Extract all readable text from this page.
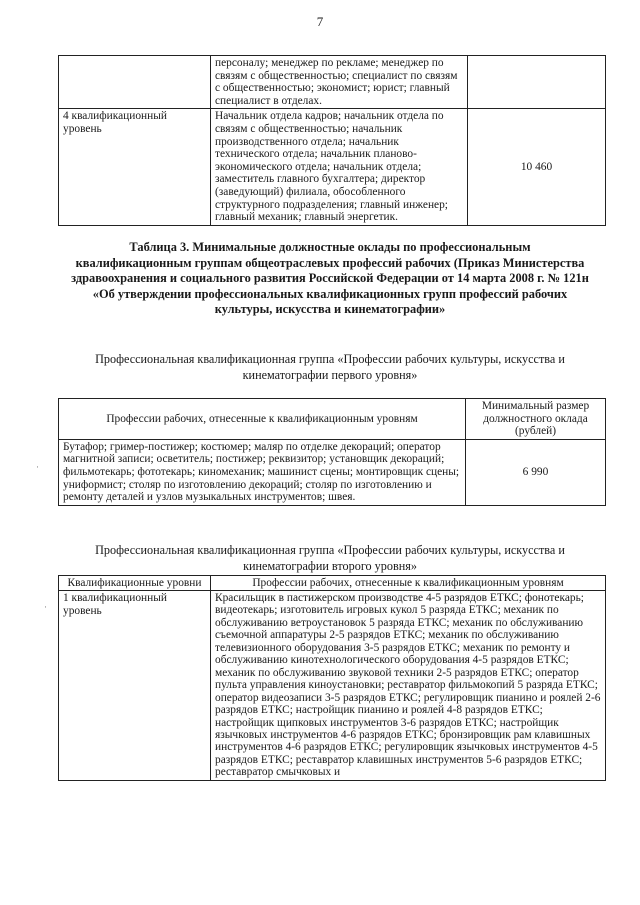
7
	персоналу; менеджер по рекламе; менеджер по связям с общественностью; специалист по связям с общественностью; экономист; юрист; главный специалист в отделах.	
4 квалификационный уровень	Начальник отдела кадров; начальник отдела по связям с общественностью; начальник производственного отдела; начальник технического отдела; начальник планово-экономического отдела; начальник отдела; заместитель главного бухгалтера; директор (заведующий) филиала, обособленного структурного подразделения; главный инженер; главный механик; главный энергетик.	10 460
Таблица 3. Минимальные должностные оклады по профессиональным квалификационным группам общеотраслевых профессий рабочих (Приказ Министерства здравоохранения и социального развития Российской Федерации от 14 марта 2008 г. № 121н «Об утверждении профессиональных квалификационных групп профессий рабочих культуры, искусства и кинематографии»
Профессиональная квалификационная группа «Профессии рабочих культуры, искусства и кинематографии первого уровня»
Профессии рабочих, отнесенные к квалификационным уровням	Минимальный размер должностного оклада (рублей)
Бутафор; гример-постижер; костюмер; маляр по отделке декораций; оператор магнитной записи; осветитель; постижер; реквизитор; установщик декораций; фильмотекарь; фототекарь; киномеханик; машинист сцены; монтировщик сцены; униформист; столяр по изготовлению декораций; столяр по изготовлению и ремонту деталей и узлов музыкальных инструментов; швея.	6 990
Профессиональная квалификационная группа «Профессии рабочих культуры, искусства и кинематографии второго уровня»
Квалификационные уровни	Профессии рабочих, отнесенные к квалификационным уровням
1 квалификационный уровень	Красильщик в пастижерском производстве 4-5 разрядов ЕТКС; фонотекарь; видеотекарь; изготовитель игровых кукол 5 разряда ЕТКС; механик по обслуживанию ветроустановок 5 разряда ЕТКС; механик по обслуживанию съемочной аппаратуры 2-5 разрядов ЕТКС; механик по обслуживанию телевизионного оборудования 3-5 разрядов ЕТКС; механик по ремонту и обслуживанию кинотехнологического оборудования 4-5 разрядов ЕТКС; механик по обслуживанию звуковой техники 2-5 разрядов ЕТКС; оператор пульта управления киноустановки; реставратор фильмокопий 5 разряда ЕТКС; оператор видеозаписи 3-5 разрядов ЕТКС; регулировщик пианино и роялей 2-6 разрядов ЕТКС; настройщик пианино и роялей 4-8 разрядов ЕТКС; настройщик щипковых инструментов 3-6 разрядов ЕТКС; настройщик язычковых инструментов 4-6 разрядов ЕТКС; бронзировщик рам клавишных инструментов 4-6 разрядов ЕТКС; регулировщик язычковых инструментов 4-5 разрядов ЕТКС; реставратор клавишных инструментов 5-6 разрядов ЕТКС; реставратор смычковых и
·
·
